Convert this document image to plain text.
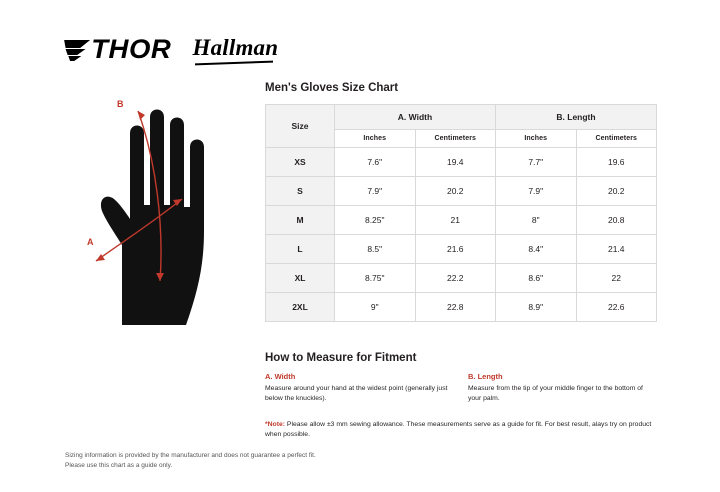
THOR Hallman
A
B
Men's Gloves Size Chart
Size	A. Width		B. Length	
	Inches	Centimeters	Inches	Centimeters
XS	7.6"	19.4	7.7"	19.6
S	7.9"	20.2	7.9"	20.2
M	8.25"	21	8"	20.8
L	8.5"	21.6	8.4"	21.4
XL	8.75"	22.2	8.6"	22
2XL	9"	22.8	8.9"	22.6
How to Measure for Fitment
A. Width
Measure around your hand at the widest point (generally just below the knuckles).
B. Length
Measure from the tip of your middle finger to the bottom of your palm.
*Note: Please allow ±3 mm sewing allowance. These measurements serve as a guide for fit. For best result, alays try on product when possible.
Sizing information is provided by the manufacturer and does not guarantee a perfect fit.
Please use this chart as a guide only.
